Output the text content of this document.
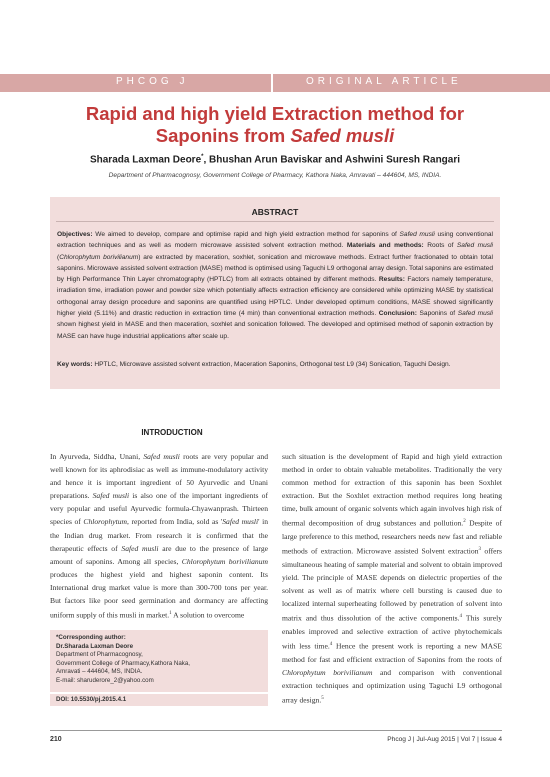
PHCOG J	ORIGINAL ARTICLE
Rapid and high yield Extraction method for
Saponins from Safed musli
Sharada Laxman Deore*, Bhushan Arun Baviskar and Ashwini Suresh Rangari
Department of Pharmacognosy, Government College of Pharmacy, Kathora Naka, Amravati – 444604, MS, INDIA.
ABSTRACT
Objectives: We aimed to develop, compare and optimise rapid and high yield extraction method for saponins of Safed musli using conventional extraction techniques and as well as modern microwave assisted solvent extraction method. Materials and methods: Roots of Safed musli (Chlorophytum borivilianum) are extracted by maceration, soxhlet, sonication and microwave methods. Extract further fractionated to obtain total saponins. Microwave assisted solvent extraction (MASE) method is optimised using Taguchi L9 orthogonal array design. Total saponins are estimated by High Performance Thin Layer chromatography (HPTLC) from all extracts obtained by different methods. Results: Factors namely temperature, irradiation time, irradiation power and powder size which potentially affects extraction efficiency are considered while optimizing MASE by statistical orthogonal array design procedure and saponins are quantified using HPTLC. Under developed optimum conditions, MASE showed significantly higher yield (5.11%) and drastic reduction in extraction time (4 min) than conventional extraction methods. Conclusion: Saponins of Safed musli shown highest yield in MASE and then maceration, soxhlet and sonication followed. The developed and optimised method of saponin extraction by MASE can have huge industrial applications after scale up.
Key words: HPTLC, Microwave assisted solvent extraction, Maceration Saponins, Orthogonal test L9 (34) Sonication, Taguchi Design.
INTRODUCTION
In Ayurveda, Siddha, Unani, Safed musli roots are very popular and well known for its aphrodisiac as well as immune-modulatory activity and hence it is important ingredient of 50 Ayurvedic and Unani preparations. Safed musli is also one of the important ingredients of very popular and useful Ayurvedic formula-Chyawanprash. Thirteen species of Chlorophytum, reported from India, sold as 'Safed musli' in the Indian drug market. From research it is confirmed that the therapeutic effects of Safed musli are due to the presence of large amount of saponins. Among all species, Chlorophytum borivilianum produces the highest yield and highest saponin content. Its International drug market value is more than 300-700 tons per year. But factors like poor seed germination and dormancy are affecting uniform supply of this musli in market.$^1$ A solution to overcome
such situation is the development of Rapid and high yield extraction method in order to obtain valuable metabolites. Traditionally the very common method for extraction of this saponin has been Soxhlet extraction. But the Soxhlet extraction method requires long heating time, bulk amount of organic solvents which again involves high risk of thermal decomposition of drug substances and pollution.$^2$ Despite of large preference to this method, researchers needs new fast and reliable methods of extraction. Microwave assisted Solvent extraction$^3$ offers simultaneous heating of sample material and solvent to obtain improved yield. The principle of MASE depends on dielectric properties of the solvent as well as of matrix where cell bursting is caused due to localized internal superheating followed by penetration of solvent into matrix and thus dissolution of the active components.$^4$ This surely enables improved and selective extraction of active phytochemicals with less time.$^4$ Hence the present work is reporting a new MASE method for fast and efficient extraction of Saponins from the roots of Chlorophytum borivilianum and comparison with conventional extraction techniques and optimization using Taguchi L9 orthogonal array design.$^5$
*Corresponding author:
Dr.Sharada Laxman Deore
Department of Pharmacognosy,
Government College of Pharmacy,Kathora Naka,
Amravati – 444604, MS, INDIA.
E-mail: sharuderore_2@yahoo.com
DOI: 10.5530/pj.2015.4.1
210	Phcog J | Jul-Aug 2015 | Vol 7 | Issue 4
